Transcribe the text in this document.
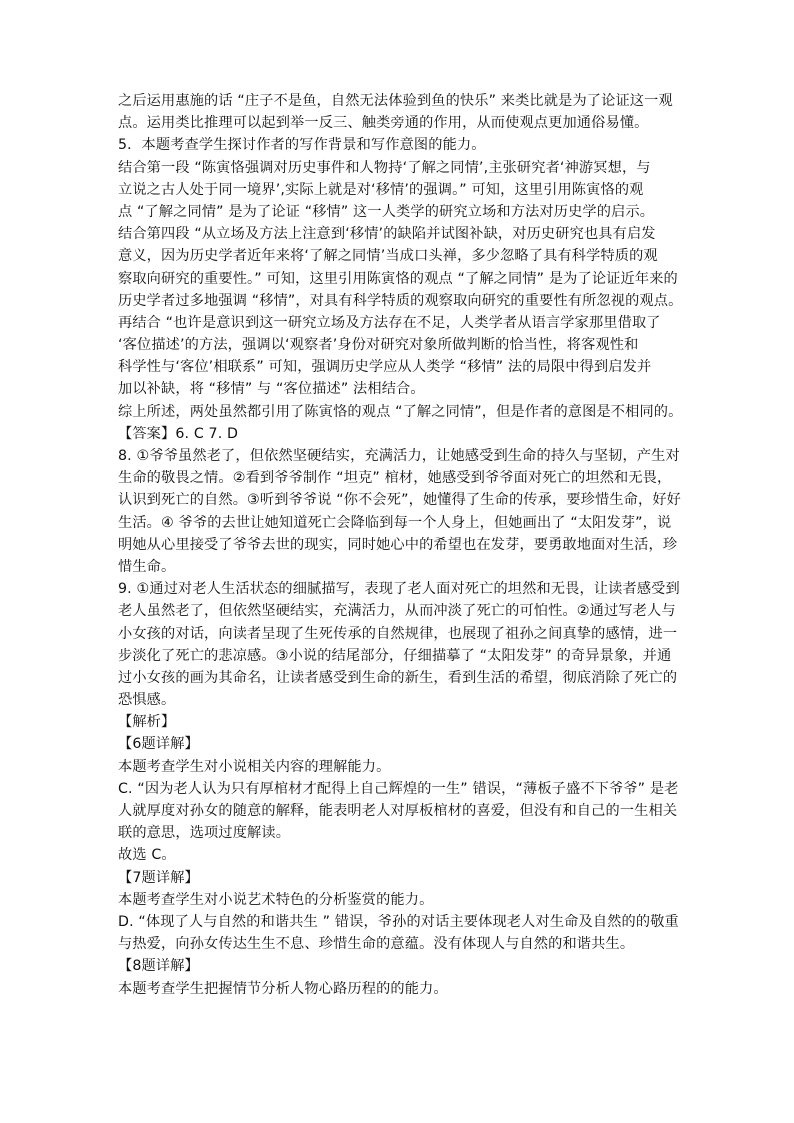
之后运用惠施的话 “庄子不是鱼，自然无法体验到鱼的快乐” 来类比就是为了论证这一观
点。运用类比推理可以起到举一反三、触类旁通的作用，从而使观点更加通俗易懂。
5．本题考查学生探讨作者的写作背景和写作意图的能力。
结合第一段 “陈寅恪强调对历史事件和人物持‘了解之同情’,主张研究者‘神游冥想，与
立说之古人处于同一境界’,实际上就是对‘移情’的强调。” 可知，这里引用陈寅恪的观
点 “了解之同情” 是为了论证 “移情” 这一人类学的研究立场和方法对历史学的启示。
结合第四段 “从立场及方法上注意到‘移情’的缺陷并试图补缺，对历史研究也具有启发
意义，因为历史学者近年来将‘了解之同情’当成口头禅，多少忽略了具有科学特质的观
察取向研究的重要性。” 可知，这里引用陈寅恪的观点 “了解之同情” 是为了论证近年来的
历史学者过多地强调 “移情”，对具有科学特质的观察取向研究的重要性有所忽视的观点。
再结合 “也许是意识到这一研究立场及方法存在不足，人类学者从语言学家那里借取了
‘客位描述’的方法，强调以‘观察者’身份对研究对象所做判断的恰当性，将客观性和
科学性与‘客位’相联系” 可知，强调历史学应从人类学 “移情” 法的局限中得到启发并
加以补缺，将 “移情” 与 “客位描述” 法相结合。
综上所述，两处虽然都引用了陈寅恪的观点 “了解之同情”，但是作者的意图是不相同的。
【答案】6. C 7. D
8. ①爷爷虽然老了，但依然坚硬结实，充满活力，让她感受到生命的持久与坚韧，产生对
生命的敬畏之情。②看到爷爷制作 “坦克” 棺材，她感受到爷爷面对死亡的坦然和无畏，
认识到死亡的自然。③听到爷爷说 “你不会死”，她懂得了生命的传承，要珍惜生命，好好
生活。④ 爷爷的去世让她知道死亡会降临到每一个人身上，但她画出了 “太阳发芽”，说
明她从心里接受了爷爷去世的现实，同时她心中的希望也在发芽，要勇敢地面对生活，珍
惜生命。
9. ①通过对老人生活状态的细腻描写，表现了老人面对死亡的坦然和无畏，让读者感受到
老人虽然老了，但依然坚硬结实，充满活力，从而冲淡了死亡的可怕性。②通过写老人与
小女孩的对话，向读者呈现了生死传承的自然规律，也展现了祖孙之间真挚的感情，进一
步淡化了死亡的悲凉感。③小说的结尾部分，仔细描摹了 “太阳发芽” 的奇异景象，并通
过小女孩的画为其命名，让读者感受到生命的新生，看到生活的希望，彻底消除了死亡的
恐惧感。
【解析】
【6题详解】
本题考查学生对小说相关内容的理解能力。
C. “因为老人认为只有厚棺材才配得上自己辉煌的一生” 错误，“薄板子盛不下爷爷” 是老
人就厚度对孙女的随意的解释，能表明老人对厚板棺材的喜爱，但没有和自己的一生相关
联的意思，选项过度解读。
故选 C。
【7题详解】
本题考查学生对小说艺术特色的分析鉴赏的能力。
D. “体现了人与自然的和谐共生 ” 错误，爷孙的对话主要体现老人对生命及自然的的敬重
与热爱，向孙女传达生生不息、珍惜生命的意蕴。没有体现人与自然的和谐共生。
【8题详解】
本题考查学生把握情节分析人物心路历程的的能力。
